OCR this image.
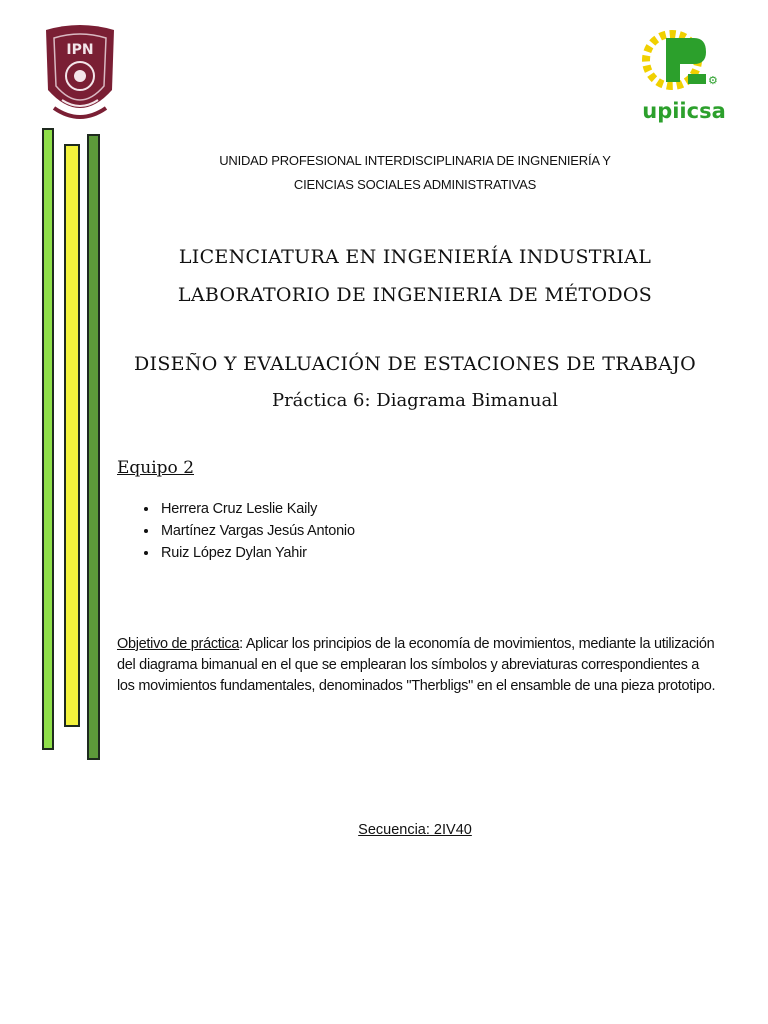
IPN
⚙
upiicsa
UNIDAD PROFESIONAL INTERDISCIPLINARIA DE INGNENIERÍA Y
CIENCIAS SOCIALES ADMINISTRATIVAS
LICENCIATURA EN INGENIERÍA INDUSTRIAL
LABORATORIO DE INGENIERIA DE MÉTODOS
DISEÑO Y EVALUACIÓN DE ESTACIONES DE TRABAJO
Práctica 6: Diagrama Bimanual
Equipo 2
• Herrera Cruz Leslie Kaily
• Martínez Vargas Jesús Antonio
• Ruiz López Dylan Yahir

Objetivo de práctica: Aplicar los principios de la economía de movimientos, mediante la utilización del diagrama bimanual en el que se emplearan los símbolos y abreviaturas correspondientes a los movimientos fundamentales, denominados "Therbligs" en el ensamble de una pieza prototipo.

Secuencia: 2IV40
